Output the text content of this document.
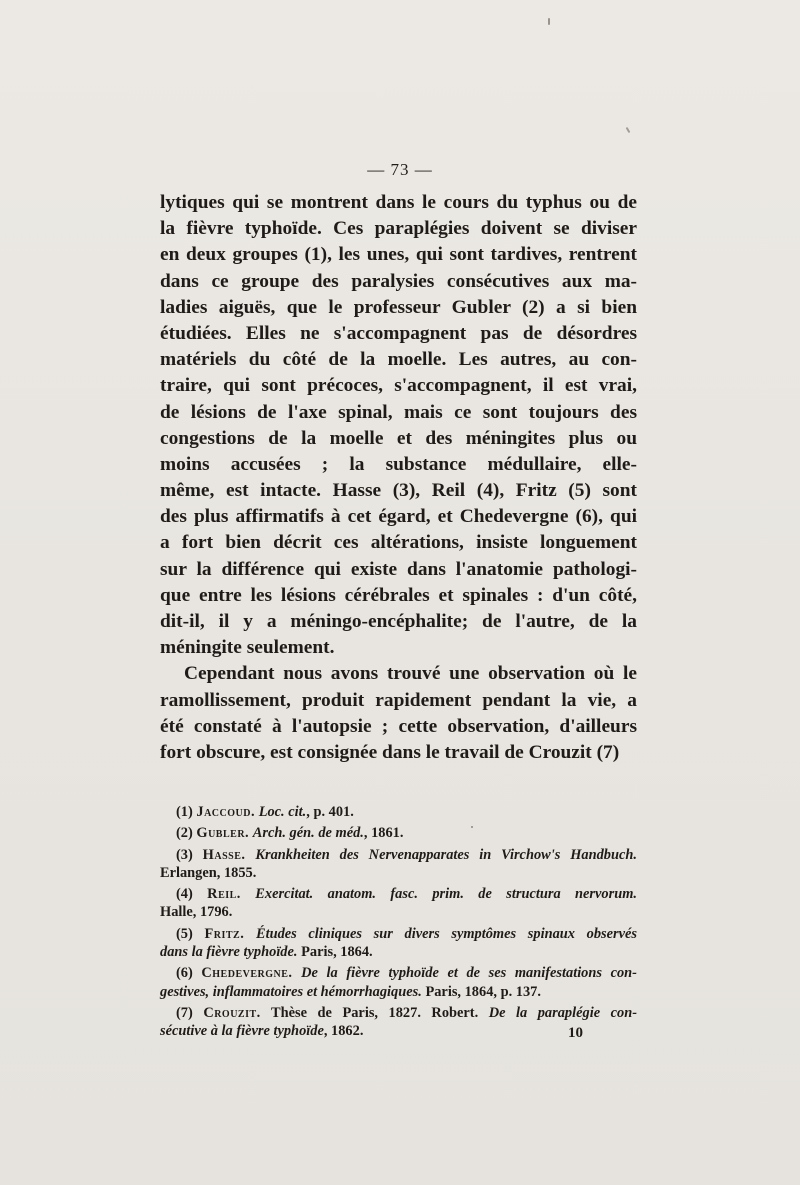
— 73 —
lytiques qui se montrent dans le cours du typhus ou de
la fièvre typhoïde. Ces paraplégies doivent se diviser
en deux groupes (1), les unes, qui sont tardives, rentrent
dans ce groupe des paralysies consécutives aux ma-
ladies aiguës, que le professeur Gubler (2) a si bien
étudiées. Elles ne s'accompagnent pas de désordres
matériels du côté de la moelle. Les autres, au con-
traire, qui sont précoces, s'accompagnent, il est vrai,
de lésions de l'axe spinal, mais ce sont toujours des
congestions de la moelle et des méningites plus ou
moins accusées ; la substance médullaire, elle-
même, est intacte. Hasse (3), Reil (4), Fritz (5) sont
des plus affirmatifs à cet égard, et Chedevergne (6), qui
a fort bien décrit ces altérations, insiste longuement
sur la différence qui existe dans l'anatomie pathologi-
que entre les lésions cérébrales et spinales : d'un côté,
dit-il, il y a méningo-encéphalite; de l'autre, de la
méningite seulement.
Cependant nous avons trouvé une observation où le
ramollissement, produit rapidement pendant la vie, a
été constaté à l'autopsie ; cette observation, d'ailleurs
fort obscure, est consignée dans le travail de Crouzit (7)
(1) Jaccoud. Loc. cit., p. 401.
(2) Gubler. Arch. gén. de méd., 1861.
(3) Hasse. Krankheiten des Nervenapparates in Virchow's Handbuch.
Erlangen, 1855.
(4) Reil. Exercitat. anatom. fasc. prim. de structura nervorum.
Halle, 1796.
(5) Fritz. Études cliniques sur divers symptômes spinaux observés
dans la fièvre typhoïde. Paris, 1864.
(6) Chedevergne. De la fièvre typhoïde et de ses manifestations con-
gestives, inflammatoires et hémorrhagiques. Paris, 1864, p. 137.
(7) Crouzit. Thèse de Paris, 1827. Robert. De la paraplégie con-
sécutive à la fièvre typhoïde, 1862.	10
